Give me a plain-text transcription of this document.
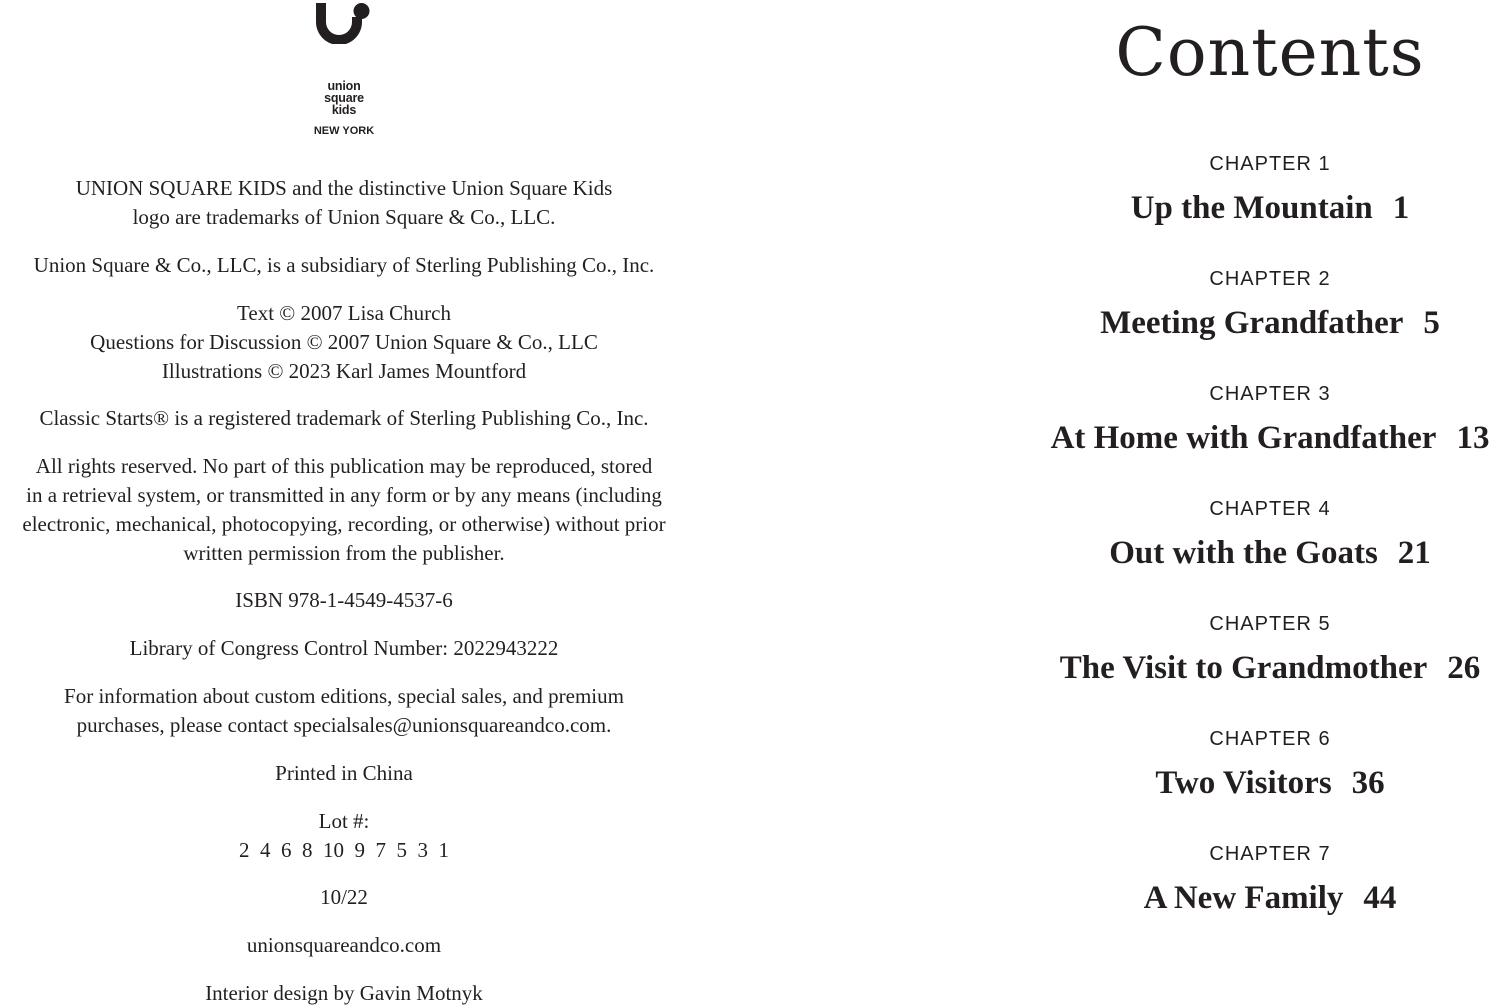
union
square
kids
NEW YORK
UNION SQUARE KIDS and the distinctive Union Square Kids
logo are trademarks of Union Square & Co., LLC.
Union Square & Co., LLC, is a subsidiary of Sterling Publishing Co., Inc.
Text © 2007 Lisa Church
Questions for Discussion © 2007 Union Square & Co., LLC
Illustrations © 2023 Karl James Mountford
Classic Starts® is a registered trademark of Sterling Publishing Co., Inc.
All rights reserved. No part of this publication may be reproduced, stored
in a retrieval system, or transmitted in any form or by any means (including
electronic, mechanical, photocopying, recording, or otherwise) without prior
written permission from the publisher.
ISBN 978-1-4549-4537-6
Library of Congress Control Number: 2022943222
For information about custom editions, special sales, and premium
purchases, please contact specialsales@unionsquareandco.com.
Printed in China
Lot #:
2  4  6  8  10  9  7  5  3  1
10/22
unionsquareandco.com
Interior design by Gavin Motnyk
Contents
CHAPTER 1
Up the Mountain 1
CHAPTER 2
Meeting Grandfather 5
CHAPTER 3
At Home with Grandfather 13
CHAPTER 4
Out with the Goats 21
CHAPTER 5
The Visit to Grandmother 26
CHAPTER 6
Two Visitors 36
CHAPTER 7
A New Family 44
